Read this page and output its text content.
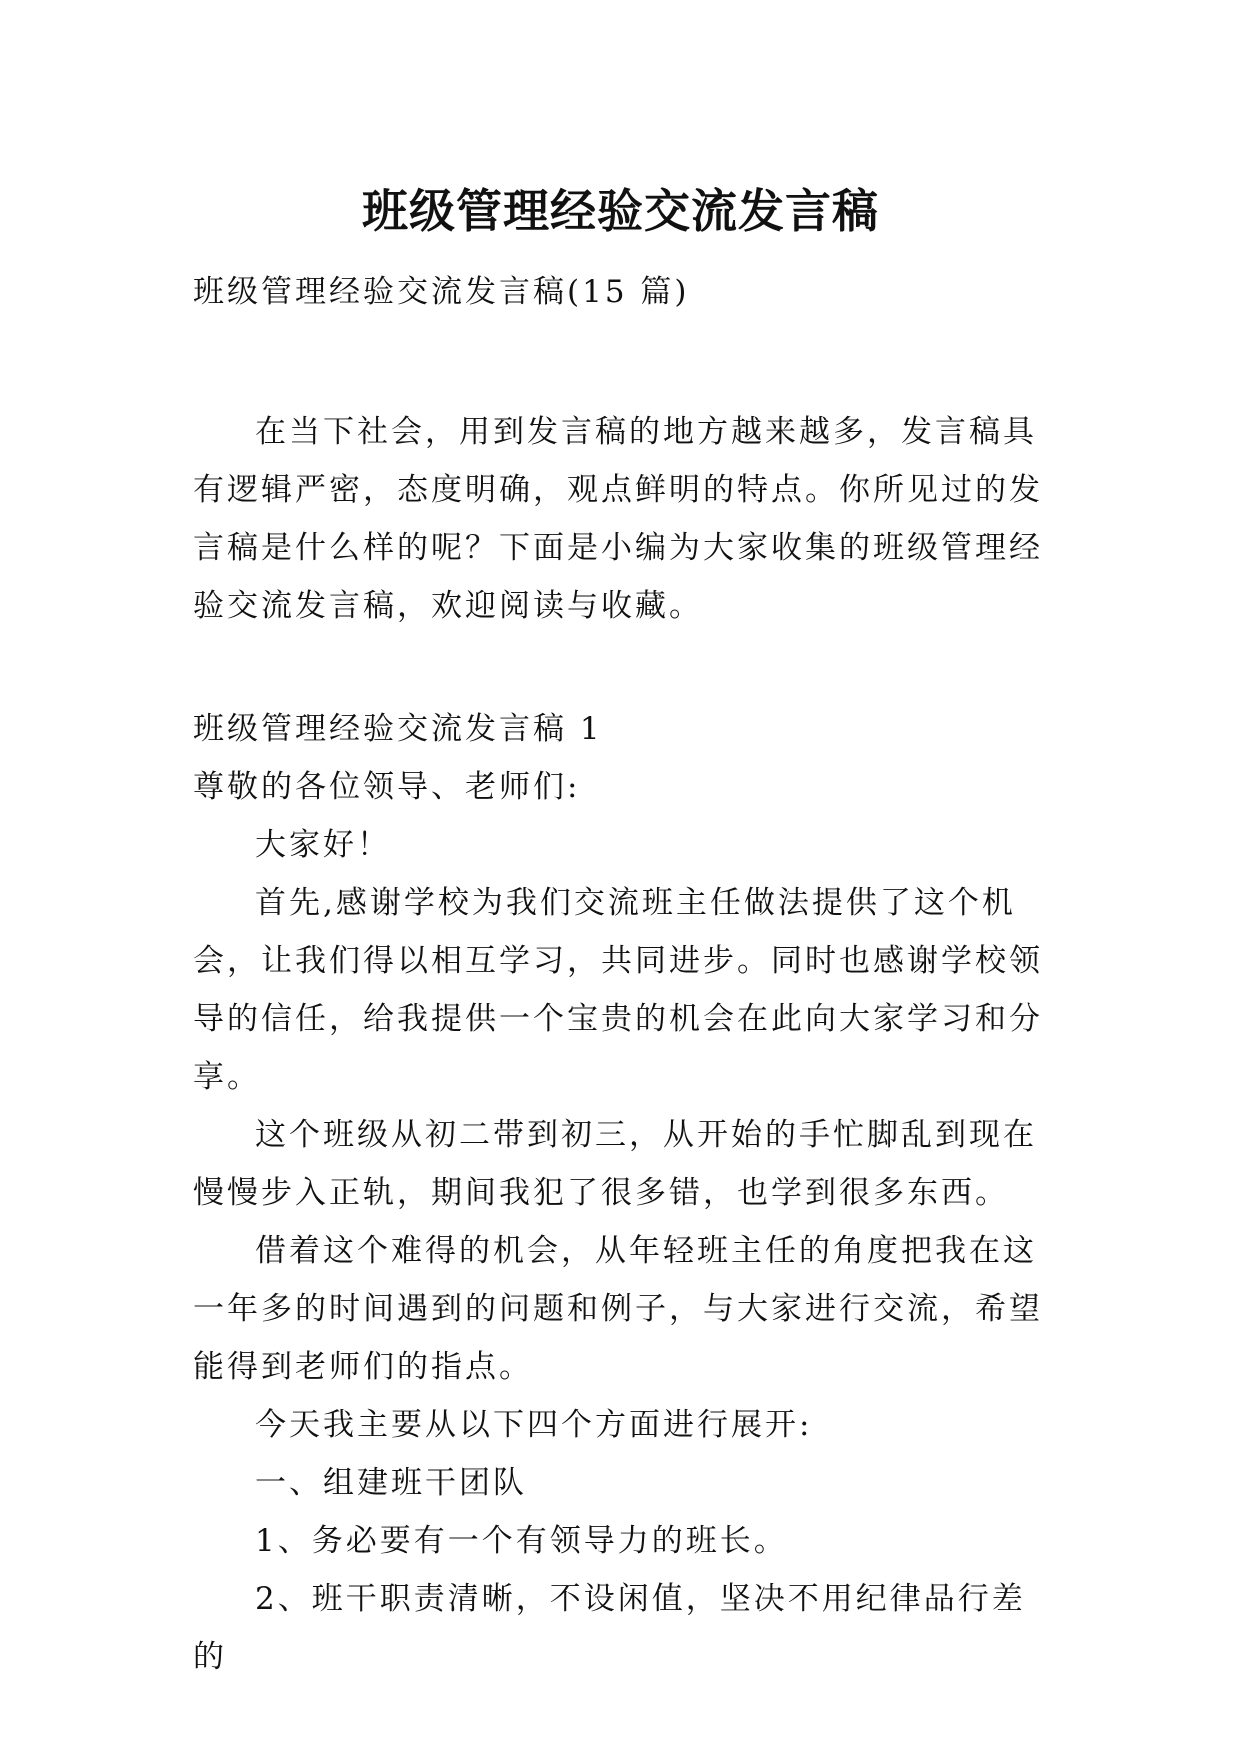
班级管理经验交流发言稿

班级管理经验交流发言稿(15 篇)

在当下社会，用到发言稿的地方越来越多，发言稿具有逻辑严密，态度明确，观点鲜明的特点。你所见过的发言稿是什么样的呢？下面是小编为大家收集的班级管理经验交流发言稿，欢迎阅读与收藏。

班级管理经验交流发言稿 1

尊敬的各位领导、老师们:

大家好！

首先,感谢学校为我们交流班主任做法提供了这个机会，让我们得以相互学习，共同进步。同时也感谢学校领导的信任，给我提供一个宝贵的机会在此向大家学习和分享。

这个班级从初二带到初三，从开始的手忙脚乱到现在慢慢步入正轨，期间我犯了很多错，也学到很多东西。

借着这个难得的机会，从年轻班主任的角度把我在这一年多的时间遇到的问题和例子，与大家进行交流，希望能得到老师们的指点。

今天我主要从以下四个方面进行展开:

一、组建班干团队

1、务必要有一个有领导力的班长。

2、班干职责清晰，不设闲值，坚决不用纪律品行差的
